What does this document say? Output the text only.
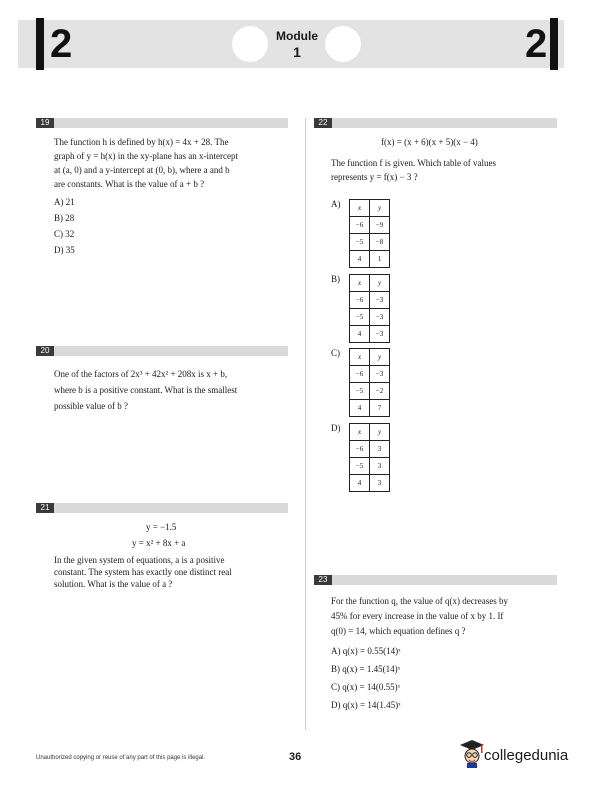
2	Module
1	2
19
The function h is defined by h(x) = 4x + 28. The
graph of y = h(x) in the xy-plane has an x-intercept
at (a, 0) and a y-intercept at (0, b), where a and b
are constants. What is the value of a + b ?
A) 21
B) 28
C) 32
D) 35
20
One of the factors of 2x³ + 42x² + 208x is x + b,
where b is a positive constant. What is the smallest
possible value of b ?
21
y = −1.5
y = x² + 8x + a
In the given system of equations, a is a positive
constant. The system has exactly one distinct real
solution. What is the value of a ?
22
f(x) = (x + 6)(x + 5)(x − 4)
The function f is given. Which table of values
represents y = f(x) − 3 ?
A) x	y
−6	−9
−5	−8
4	1
B)	x	y
−6	−3
−5	−3
4	−3
C)	x	y
−6	−3
−5	−2
4	7
D) x	y
−6	3
−5	3
4	3
23
For the function q, the value of q(x) decreases by
45% for every increase in the value of x by 1. If
q(0) = 14, which equation defines q ?
A) q(x) = 0.55(14)ˣ
B) q(x) = 1.45(14)ˣ
C) q(x) = 14(0.55)ˣ
D) q(x) = 14(1.45)ˣ
Unauthorized copying or reuse of any part of this page is illegal.	36	collegedunia
